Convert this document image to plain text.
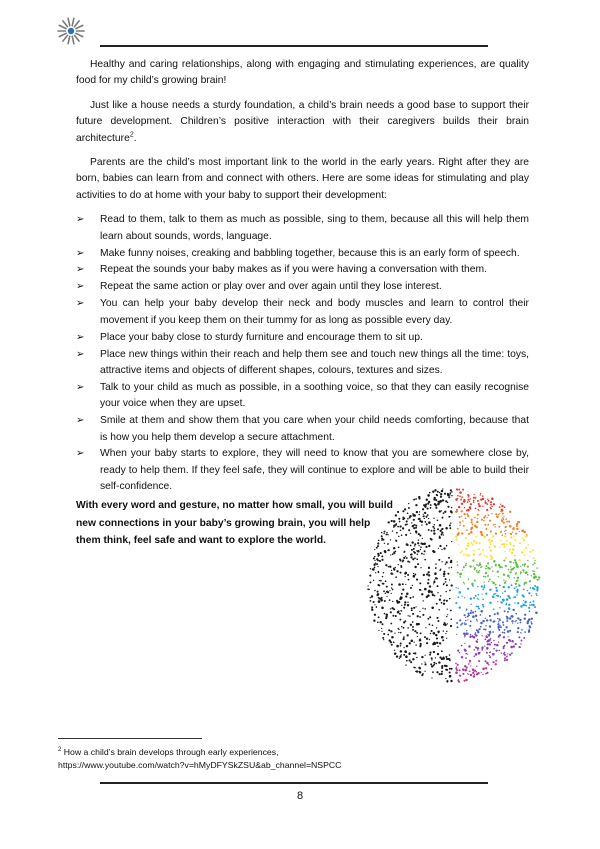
Healthy and caring relationships, along with engaging and stimulating experiences, are quality food for my child’s growing brain!

Just like a house needs a sturdy foundation, a child’s brain needs a good base to support their future development. Children’s positive interaction with their caregivers builds their brain architecture$^2$.

Parents are the child’s most important link to the world in the early years. Right after they are born, babies can learn from and connect with others. Here are some ideas for stimulating and play activities to do at home with your baby to support their development:

➢ Read to them, talk to them as much as possible, sing to them, because all this will help them learn about sounds, words, language.
➢ Make funny noises, creaking and babbling together, because this is an early form of speech.
➢ Repeat the sounds your baby makes as if you were having a conversation with them.
➢ Repeat the same action or play over and over again until they lose interest.
➢ You can help your baby develop their neck and body muscles and learn to control their movement if you keep them on their tummy for as long as possible every day.
➢ Place your baby close to sturdy furniture and encourage them to sit up.
➢ Place new things within their reach and help them see and touch new things all the time: toys, attractive items and objects of different shapes, colours, textures and sizes.
➢ Talk to your child as much as possible, in a soothing voice, so that they can easily recognise your voice when they are upset.
➢ Smile at them and show them that you care when your child needs comforting, because that is how you help them develop a secure attachment.
➢ When your baby starts to explore, they will need to know that you are somewhere close by, ready to help them. If they feel safe, they will continue to explore and will be able to build their self-confidence.
With every word and gesture, no matter how small, you will build new connections in your baby’s growing brain, you will help them think, feel safe and want to explore the world.
$^2$ How a child’s brain develops through early experiences,
https://www.youtube.com/watch?v=hMyDFYSkZSU&ab_channel=NSPCC
8
